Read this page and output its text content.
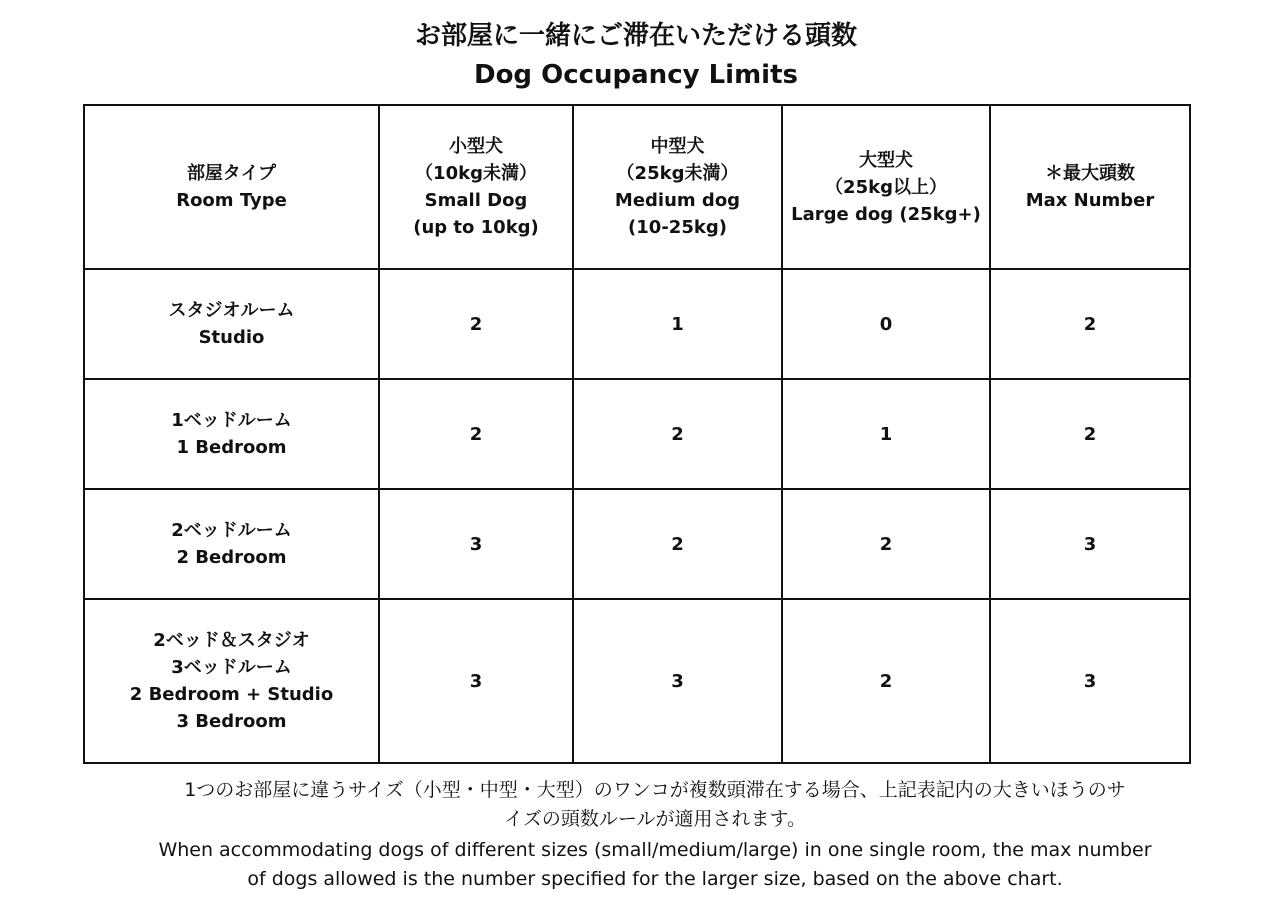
お部屋に一緒にご滞在いただける頭数
Dog Occupancy Limits
部屋タイプ
Room Type	小型犬
（10kg未満）
Small Dog
(up to 10kg)	中型犬
（25kg未満）
Medium dog
(10-25kg)	大型犬
（25kg以上）
Large dog (25kg+)	＊最大頭数
Max Number

スタジオルーム
Studio	2	1	0	2

1ベッドルーム
1 Bedroom	2	2	1	2

2ベッドルーム
2 Bedroom	3	2	2	3

2ベッド＆スタジオ
3ベッドルーム
2 Bedroom + Studio
3 Bedroom	3	3	2	3
1つのお部屋に違うサイズ（小型・中型・大型）のワンコが複数頭滞在する場合、上記表記内の大きいほうのサ
イズの頭数ルールが適用されます。
When accommodating dogs of different sizes (small/medium/large) in one single room, the max number
of dogs allowed is the number specified for the larger size, based on the above chart.
